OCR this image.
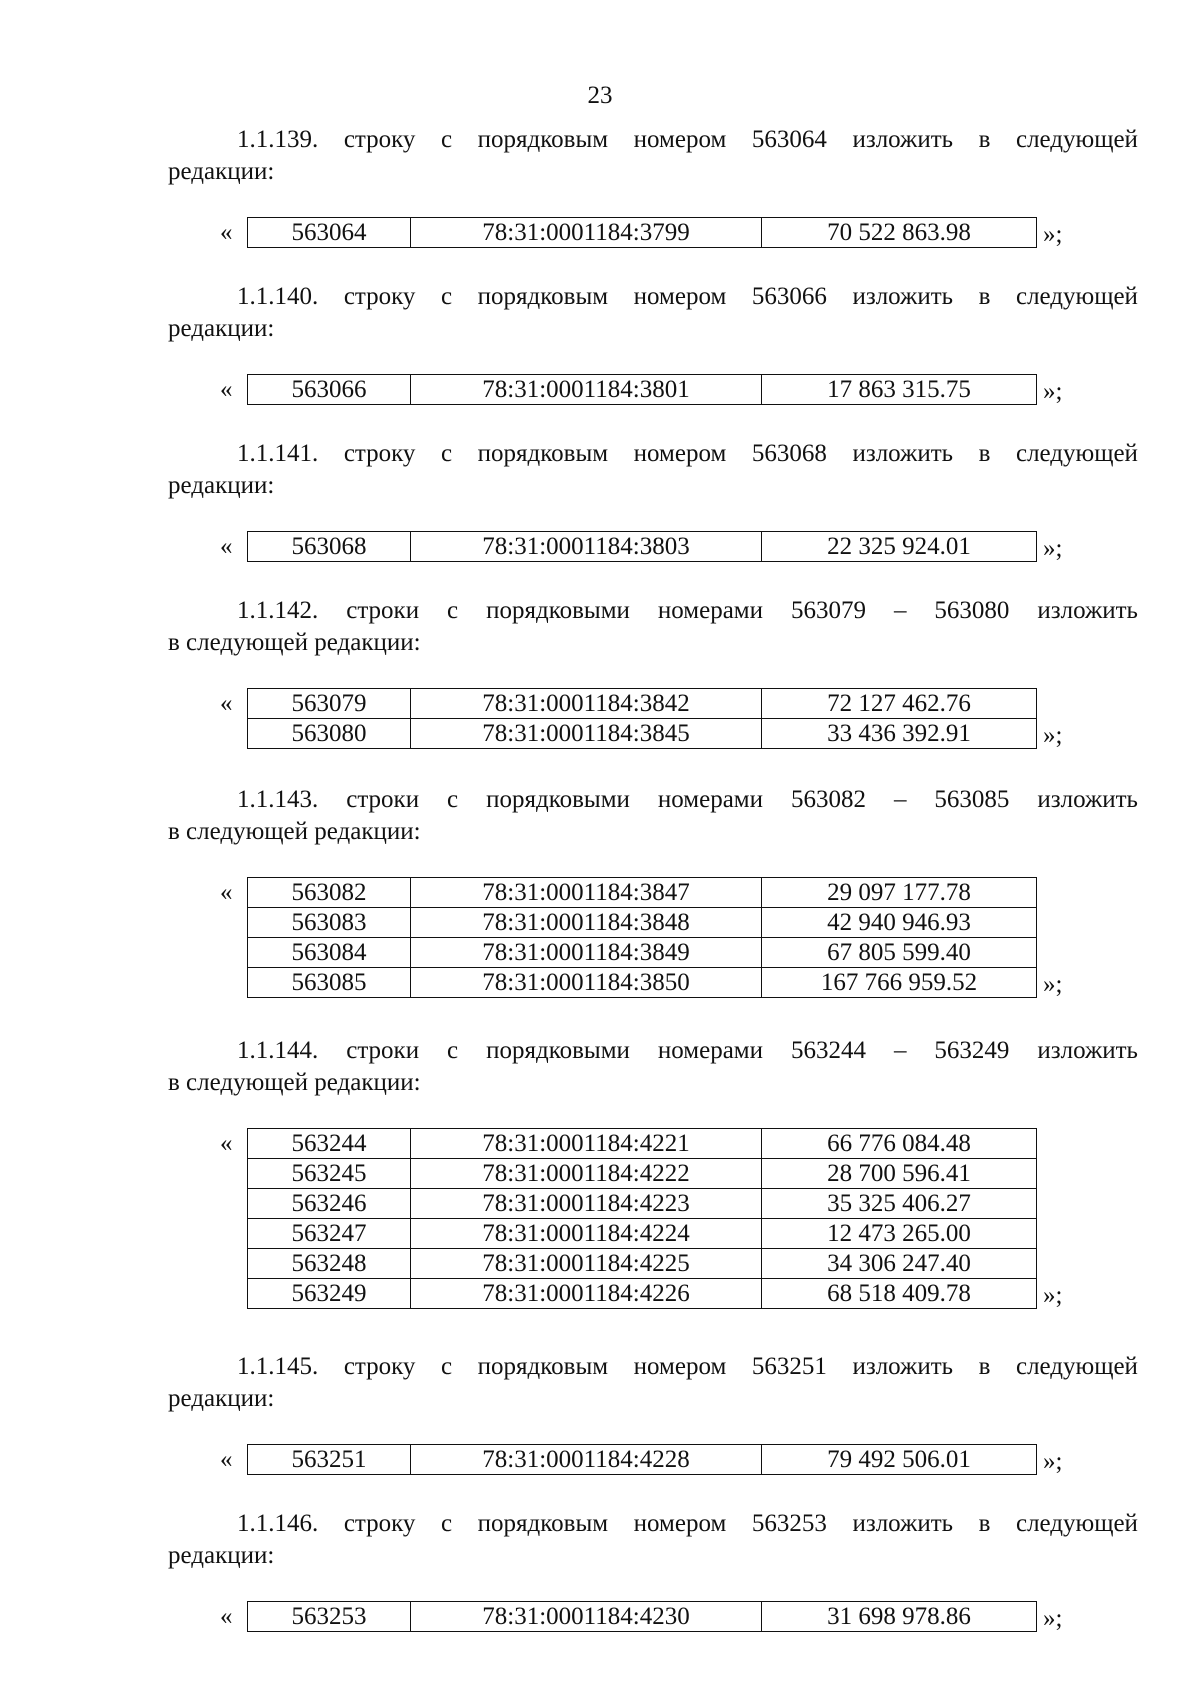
23
1.1.139. строку с порядковым номером 563064 изложить в следующей
редакции:
« 563064	78:31:0001184:3799	70 522 863.98	»;
1.1.140. строку с порядковым номером 563066 изложить в следующей
редакции:
« 563066	78:31:0001184:3801	17 863 315.75	»;
1.1.141. строку с порядковым номером 563068 изложить в следующей
редакции:
« 563068	78:31:0001184:3803	22 325 924.01	»;
1.1.142. строки с порядковыми номерами 563079 – 563080 изложить
в следующей редакции:
« 563079	78:31:0001184:3842	72 127 462.76
563080	78:31:0001184:3845	33 436 392.91	»;
1.1.143. строки с порядковыми номерами 563082 – 563085 изложить
в следующей редакции:
« 563082	78:31:0001184:3847	29 097 177.78
563083	78:31:0001184:3848	42 940 946.93
563084	78:31:0001184:3849	67 805 599.40
563085	78:31:0001184:3850	167 766 959.52	»;
1.1.144. строки с порядковыми номерами 563244 – 563249 изложить
в следующей редакции:
« 563244	78:31:0001184:4221	66 776 084.48
563245	78:31:0001184:4222	28 700 596.41
563246	78:31:0001184:4223	35 325 406.27
563247	78:31:0001184:4224	12 473 265.00
563248	78:31:0001184:4225	34 306 247.40
563249	78:31:0001184:4226	68 518 409.78	»;
1.1.145. строку с порядковым номером 563251 изложить в следующей
редакции:
« 563251	78:31:0001184:4228	79 492 506.01	»;
1.1.146. строку с порядковым номером 563253 изложить в следующей
редакции:
« 563253	78:31:0001184:4230	31 698 978.86	»;
